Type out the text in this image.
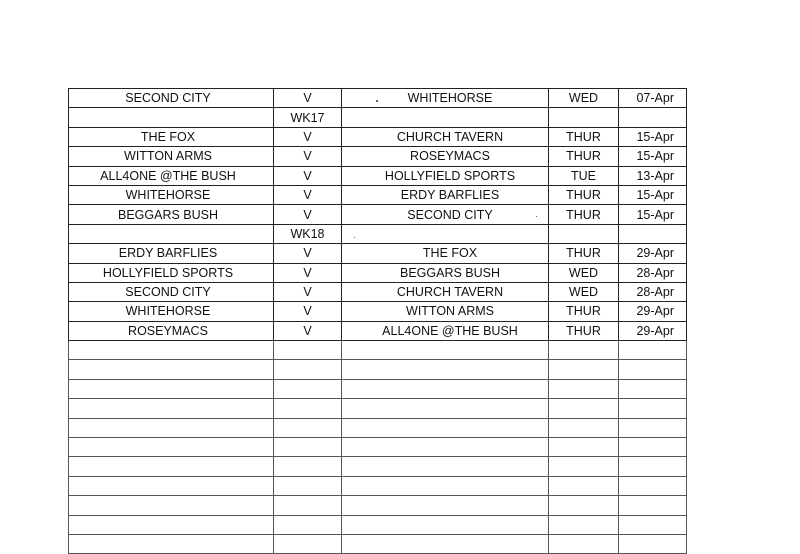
SECOND CITY	V	WHITEHORSE	WED	07-Apr
	WK17			
THE FOX	V	CHURCH TAVERN	THUR	15-Apr
WITTON ARMS	V	ROSEYMACS	THUR	15-Apr
ALL4ONE @THE BUSH	V	HOLLYFIELD SPORTS	TUE	13-Apr
WHITEHORSE	V	ERDY BARFLIES	THUR	15-Apr
BEGGARS BUSH	V	SECOND CITY	THUR	15-Apr
	WK18			
ERDY BARFLIES	V	THE FOX	THUR	29-Apr
HOLLYFIELD SPORTS	V	BEGGARS BUSH	WED	28-Apr
SECOND CITY	V	CHURCH TAVERN	WED	28-Apr
WHITEHORSE	V	WITTON ARMS	THUR	29-Apr
ROSEYMACS	V	ALL4ONE @THE BUSH	THUR	29-Apr
